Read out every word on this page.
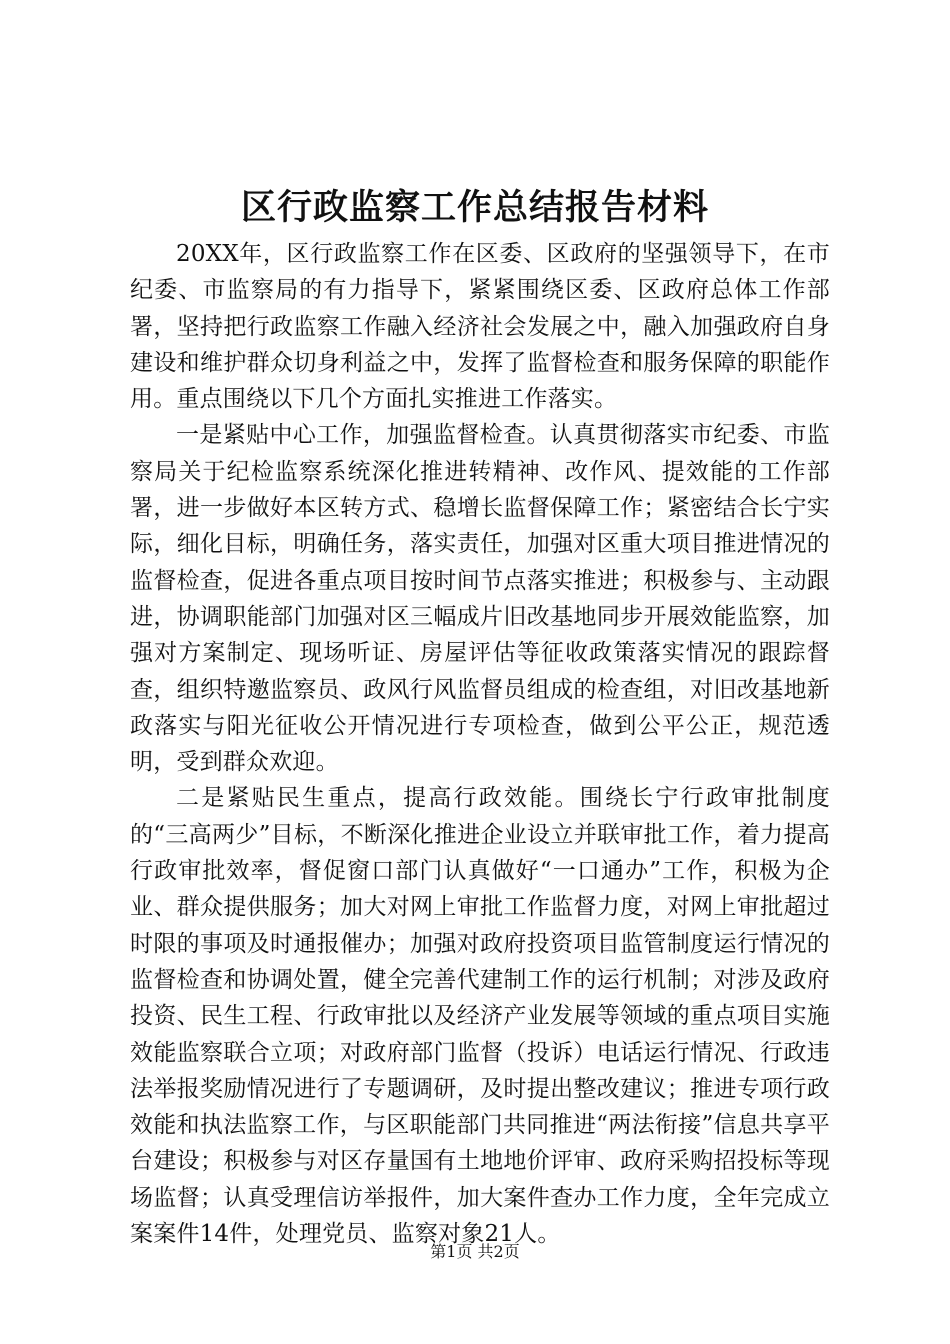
区行政监察工作总结报告材料

20XX年，区行政监察工作在区委、区政府的坚强领导下，在市纪委、市监察局的有力指导下，紧紧围绕区委、区政府总体工作部署，坚持把行政监察工作融入经济社会发展之中，融入加强政府自身建设和维护群众切身利益之中，发挥了监督检查和服务保障的职能作用。重点围绕以下几个方面扎实推进工作落实。

一是紧贴中心工作，加强监督检查。认真贯彻落实市纪委、市监察局关于纪检监察系统深化推进转精神、改作风、提效能的工作部署，进一步做好本区转方式、稳增长监督保障工作；紧密结合长宁实际，细化目标，明确任务，落实责任，加强对区重大项目推进情况的监督检查，促进各重点项目按时间节点落实推进；积极参与、主动跟进，协调职能部门加强对区三幅成片旧改基地同步开展效能监察，加强对方案制定、现场听证、房屋评估等征收政策落实情况的跟踪督查，组织特邀监察员、政风行风监督员组成的检查组，对旧改基地新政落实与阳光征收公开情况进行专项检查，做到公平公正，规范透明，受到群众欢迎。

二是紧贴民生重点，提高行政效能。围绕长宁行政审批制度的“三高两少”目标，不断深化推进企业设立并联审批工作，着力提高行政审批效率，督促窗口部门认真做好“一口通办”工作，积极为企业、群众提供服务；加大对网上审批工作监督力度，对网上审批超过时限的事项及时通报催办；加强对政府投资项目监管制度运行情况的监督检查和协调处置，健全完善代建制工作的运行机制；对涉及政府投资、民生工程、行政审批以及经济产业发展等领域的重点项目实施效能监察联合立项；对政府部门监督（投诉）电话运行情况、行政违法举报奖励情况进行了专题调研，及时提出整改建议；推进专项行政效能和执法监察工作，与区职能部门共同推进“两法衔接”信息共享平台建设；积极参与对区存量国有土地地价评审、政府采购招投标等现场监督；认真受理信访举报件，加大案件查办工作力度，全年完成立案案件14件，处理党员、监察对象21人。

第1页 共2页
